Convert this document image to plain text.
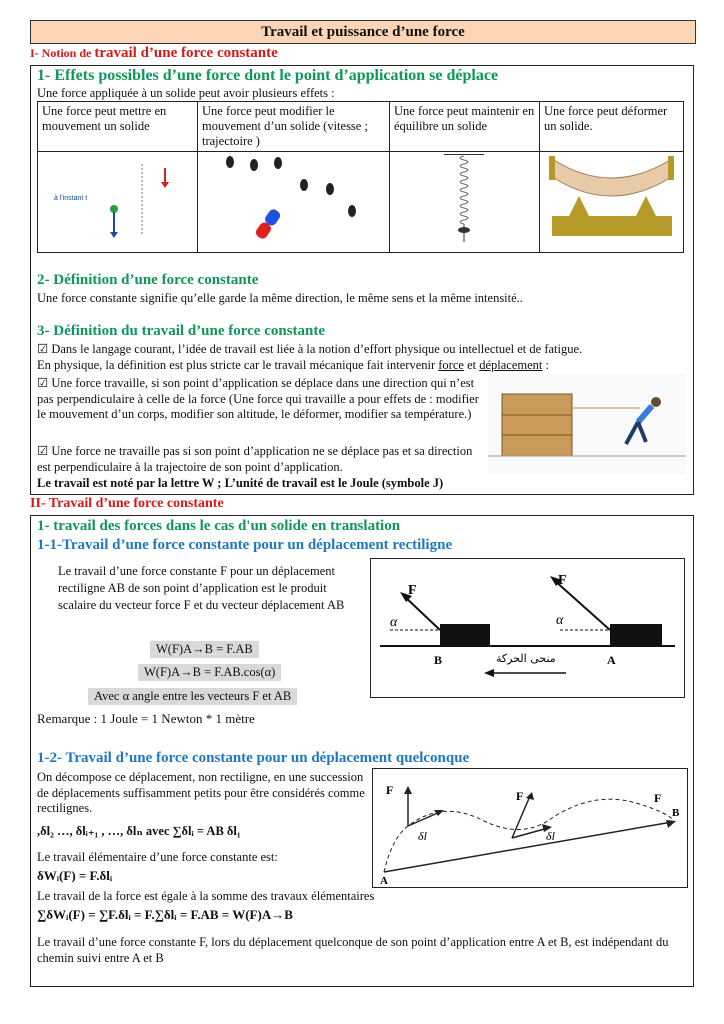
Travail et puissance d’une force
I- Notion de travail d’une force constante
1- Effets possibles d’une force dont le point d’application se déplace
Une force appliquée à un solide peut avoir plusieurs effets :
Une force peut mettre en mouvement un solide	Une force peut modifier le mouvement d’un solide (vitesse ; trajectoire )	Une force peut maintenir en équilibre un solide	Une force peut déformer un solide.

à l'instant t

2- Définition d’une force constante
Une force constante signifie qu’elle garde la même direction, le même sens et la même intensité..
3- Définition du travail d’une force constante
☑ Dans le langage courant, l’idée de travail est liée à la notion d’effort physique ou intellectuel et de fatigue.
En physique, la définition est plus stricte car le travail mécanique fait intervenir force et déplacement :
☑ Une force travaille, si son point d’application se déplace dans une direction qui n’est pas perpendiculaire à celle de la force (Une force qui travaille a pour effets de : modifier le mouvement d’un corps, modifier son altitude, le déformer, modifier sa température.)
☑ Une force ne travaille pas si son point d’application ne se déplace pas et sa direction est perpendiculaire à la trajectoire de son point d’application.
Le travail est noté par la lettre W ; L’unité de travail est le Joule (symbole J)
II- Travail d’une force constante
1- travail des forces dans le cas d'un solide en translation
1-1-Travail d’une force constante pour un déplacement rectiligne
Le travail d’une force constante F pour un déplacement rectiligne AB de son point d’application est le produit scalaire du vecteur force F et du vecteur déplacement AB
W(F)A→B = F.AB
W(F)A→B = F.AB.cos(α)
Avec α angle entre les vecteurs F et AB
Remarque : 1 Joule = 1 Newton * 1 mètre
F
F
α	α
B	A
منحى الحركة
1-2- Travail d’une force constante pour un déplacement quelconque
On décompose ce déplacement, non rectiligne, en une succession de déplacements suffisamment petits pour être considérés comme rectilignes.
,δl₂ …, δlᵢ₊₁ , …, δlₙ avec ∑δlᵢ = AB δl₁
Le travail élémentaire d’une force constante est:
δWᵢ(F) = F.δlᵢ
Le travail de la force est égale à la somme des travaux élémentaires
∑δWᵢ(F) = ∑F.δlᵢ = F.∑δlᵢ = F.AB = W(F)A→B
Le travail d’une force constante F, lors du déplacement quelconque de son point d’application entre A et B, est indépendant du chemin suivi entre A et B
F	F	F
δl	δl
A
B
